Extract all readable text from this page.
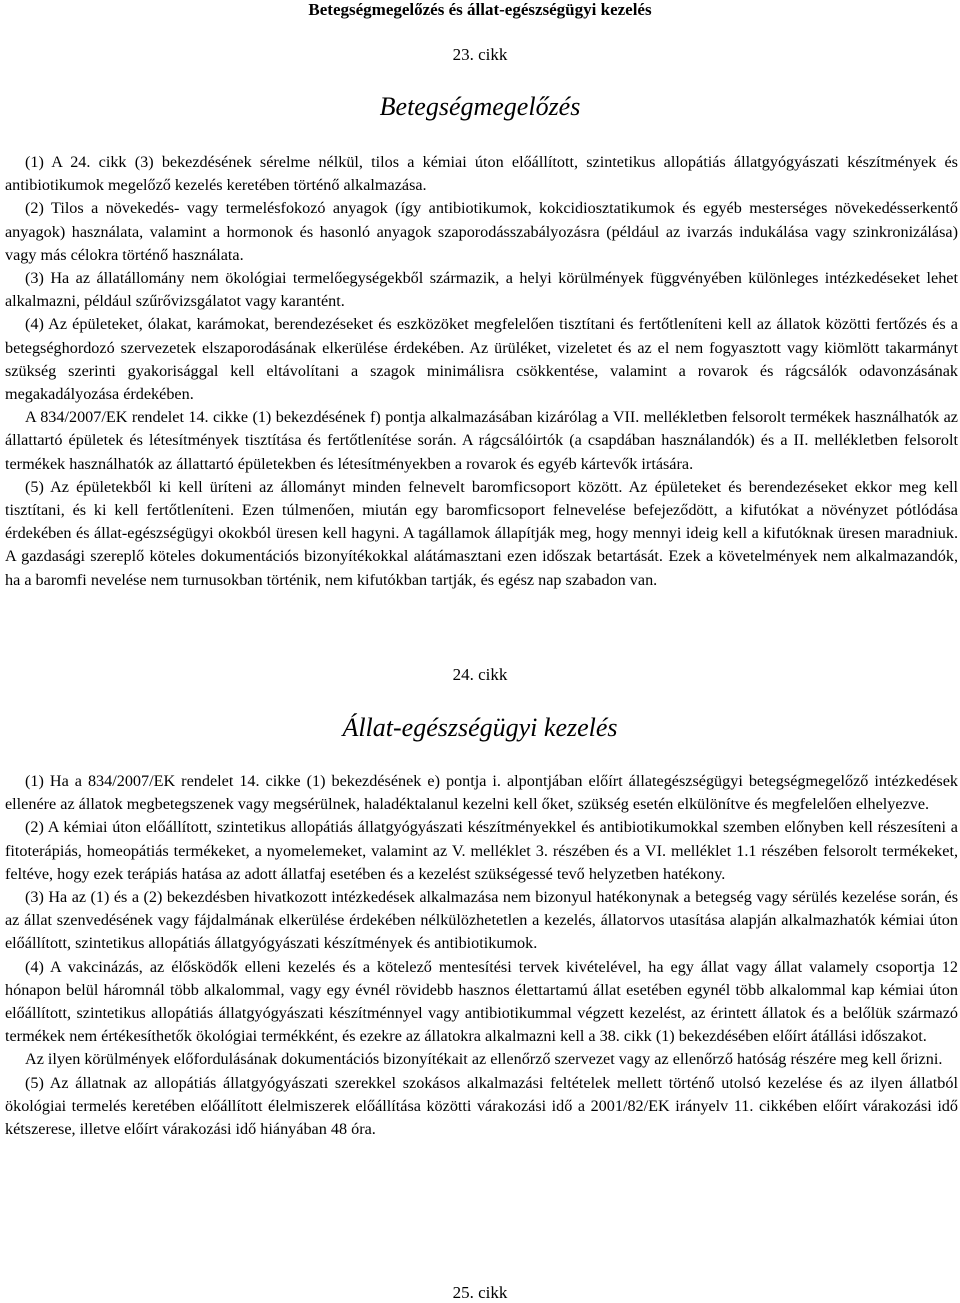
Betegségmegelőzés és állat-egészségügyi kezelés
23. cikk
Betegségmegelőzés

(1) A 24. cikk (3) bekezdésének sérelme nélkül, tilos a kémiai úton előállított, szintetikus allopátiás állatgyógyászati készítmények és antibiotikumok megelőző kezelés keretében történő alkalmazása.

(2) Tilos a növekedés- vagy termelésfokozó anyagok (így antibiotikumok, kokcidiosztatikumok és egyéb mesterséges növekedésserkentő anyagok) használata, valamint a hormonok és hasonló anyagok szaporodásszabályozásra (például az ivarzás indukálása vagy szinkronizálása) vagy más célokra történő használata.

(3) Ha az állatállomány nem ökológiai termelőegységekből származik, a helyi körülmények függvényében különleges intézkedéseket lehet alkalmazni, például szűrővizsgálatot vagy karantént.

(4) Az épületeket, ólakat, karámokat, berendezéseket és eszközöket megfelelően tisztítani és fertőtleníteni kell az állatok közötti fertőzés és a betegséghordozó szervezetek elszaporodásának elkerülése érdekében. Az ürüléket, vizeletet és az el nem fogyasztott vagy kiömlött takarmányt szükség szerinti gyakorisággal kell eltávolítani a szagok minimálisra csökkentése, valamint a rovarok és rágcsálók odavonzásának megakadályozása érdekében.

A 834/2007/EK rendelet 14. cikke (1) bekezdésének f) pontja alkalmazásában kizárólag a VII. mellékletben felsorolt termékek használhatók az állattartó épületek és létesítmények tisztítása és fertőtlenítése során. A rágcsálóirtók (a csapdában használandók) és a II. mellékletben felsorolt termékek használhatók az állattartó épületekben és létesítményekben a rovarok és egyéb kártevők irtására.

(5) Az épületekből ki kell üríteni az állományt minden felnevelt baromficsoport között. Az épületeket és berendezéseket ekkor meg kell tisztítani, és ki kell fertőtleníteni. Ezen túlmenően, miután egy baromficsoport felnevelése befejeződött, a kifutókat a növényzet pótlódása érdekében és állat-egészségügyi okokból üresen kell hagyni. A tagállamok állapítják meg, hogy mennyi ideig kell a kifutóknak üresen maradniuk. A gazdasági szereplő köteles dokumentációs bizonyítékokkal alátámasztani ezen időszak betartását. Ezek a követelmények nem alkalmazandók, ha a baromfi nevelése nem turnusokban történik, nem kifutókban tartják, és egész nap szabadon van.

24. cikk
Állat-egészségügyi kezelés

(1) Ha a 834/2007/EK rendelet 14. cikke (1) bekezdésének e) pontja i. alpontjában előírt állategészségügyi betegségmegelőző intézkedések ellenére az állatok megbetegszenek vagy megsérülnek, haladéktalanul kezelni kell őket, szükség esetén elkülönítve és megfelelően elhelyezve.

(2) A kémiai úton előállított, szintetikus allopátiás állatgyógyászati készítményekkel és antibiotikumokkal szemben előnyben kell részesíteni a fitoterápiás, homeopátiás termékeket, a nyomelemeket, valamint az V. melléklet 3. részében és a VI. melléklet 1.1 részében felsorolt termékeket, feltéve, hogy ezek terápiás hatása az adott állatfaj esetében és a kezelést szükségessé tevő helyzetben hatékony.

(3) Ha az (1) és a (2) bekezdésben hivatkozott intézkedések alkalmazása nem bizonyul hatékonynak a betegség vagy sérülés kezelése során, és az állat szenvedésének vagy fájdalmának elkerülése érdekében nélkülözhetetlen a kezelés, állatorvos utasítása alapján alkalmazhatók kémiai úton előállított, szintetikus allopátiás állatgyógyászati készítmények és antibiotikumok.

(4) A vakcinázás, az élősködők elleni kezelés és a kötelező mentesítési tervek kivételével, ha egy állat vagy állat valamely csoportja 12 hónapon belül háromnál több alkalommal, vagy egy évnél rövidebb hasznos élettartamú állat esetében egynél több alkalommal kap kémiai úton előállított, szintetikus allopátiás állatgyógyászati készítménnyel vagy antibiotikummal végzett kezelést, az érintett állatok és a belőlük származó termékek nem értékesíthetők ökológiai termékként, és ezekre az állatokra alkalmazni kell a 38. cikk (1) bekezdésében előírt átállási időszakot.

Az ilyen körülmények előfordulásának dokumentációs bizonyítékait az ellenőrző szervezet vagy az ellenőrző hatóság részére meg kell őrizni.

(5) Az állatnak az allopátiás állatgyógyászati szerekkel szokásos alkalmazási feltételek mellett történő utolsó kezelése és az ilyen állatból ökológiai termelés keretében előállított élelmiszerek előállítása közötti várakozási idő a 2001/82/EK irányelv 11. cikkében előírt várakozási idő kétszerese, illetve előírt várakozási idő hiányában 48 óra.

25. cikk
